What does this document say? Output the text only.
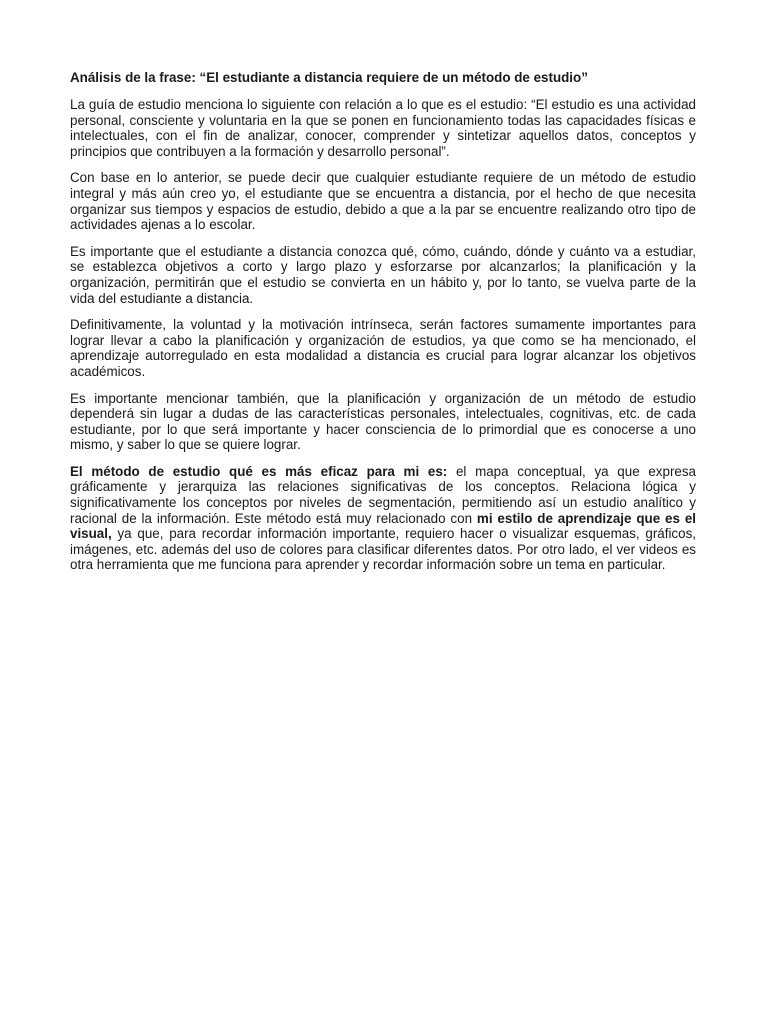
Análisis de la frase: “El estudiante a distancia requiere de un método de estudio”

La guía de estudio menciona lo siguiente con relación a lo que es el estudio: “El estudio es una actividad personal, consciente y voluntaria en la que se ponen en funcionamiento todas las capacidades físicas e intelectuales, con el fin de analizar, conocer, comprender y sintetizar aquellos datos, conceptos y principios que contribuyen a la formación y desarrollo personal”.

Con base en lo anterior, se puede decir que cualquier estudiante requiere de un método de estudio integral y más aún creo yo, el estudiante que se encuentra a distancia, por el hecho de que necesita organizar sus tiempos y espacios de estudio, debido a que a la par se encuentre realizando otro tipo de actividades ajenas a lo escolar.

Es importante que el estudiante a distancia conozca qué, cómo, cuándo, dónde y cuánto va a estudiar, se establezca objetivos a corto y largo plazo y esforzarse por alcanzarlos; la planificación y la organización, permitirán que el estudio se convierta en un hábito y, por lo tanto, se vuelva parte de la vida del estudiante a distancia.

Definitivamente, la voluntad y la motivación intrínseca, serán factores sumamente importantes para lograr llevar a cabo la planificación y organización de estudios, ya que como se ha mencionado, el aprendizaje autorregulado en esta modalidad a distancia es crucial para lograr alcanzar los objetivos académicos.

Es importante mencionar también, que la planificación y organización de un método de estudio dependerá sin lugar a dudas de las características personales, intelectuales, cognitivas, etc. de cada estudiante, por lo que será importante y hacer consciencia de lo primordial que es conocerse a uno mismo, y saber lo que se quiere lograr.

El método de estudio qué es más eficaz para mi es: el mapa conceptual, ya que expresa gráficamente y jerarquiza las relaciones significativas de los conceptos. Relaciona lógica y significativamente los conceptos por niveles de segmentación, permitiendo así un estudio analítico y racional de la información. Este método está muy relacionado con mi estilo de aprendizaje que es el visual, ya que, para recordar información importante, requiero hacer o visualizar esquemas, gráficos, imágenes, etc. además del uso de colores para clasificar diferentes datos. Por otro lado, el ver videos es otra herramienta que me funciona para aprender y recordar información sobre un tema en particular.
